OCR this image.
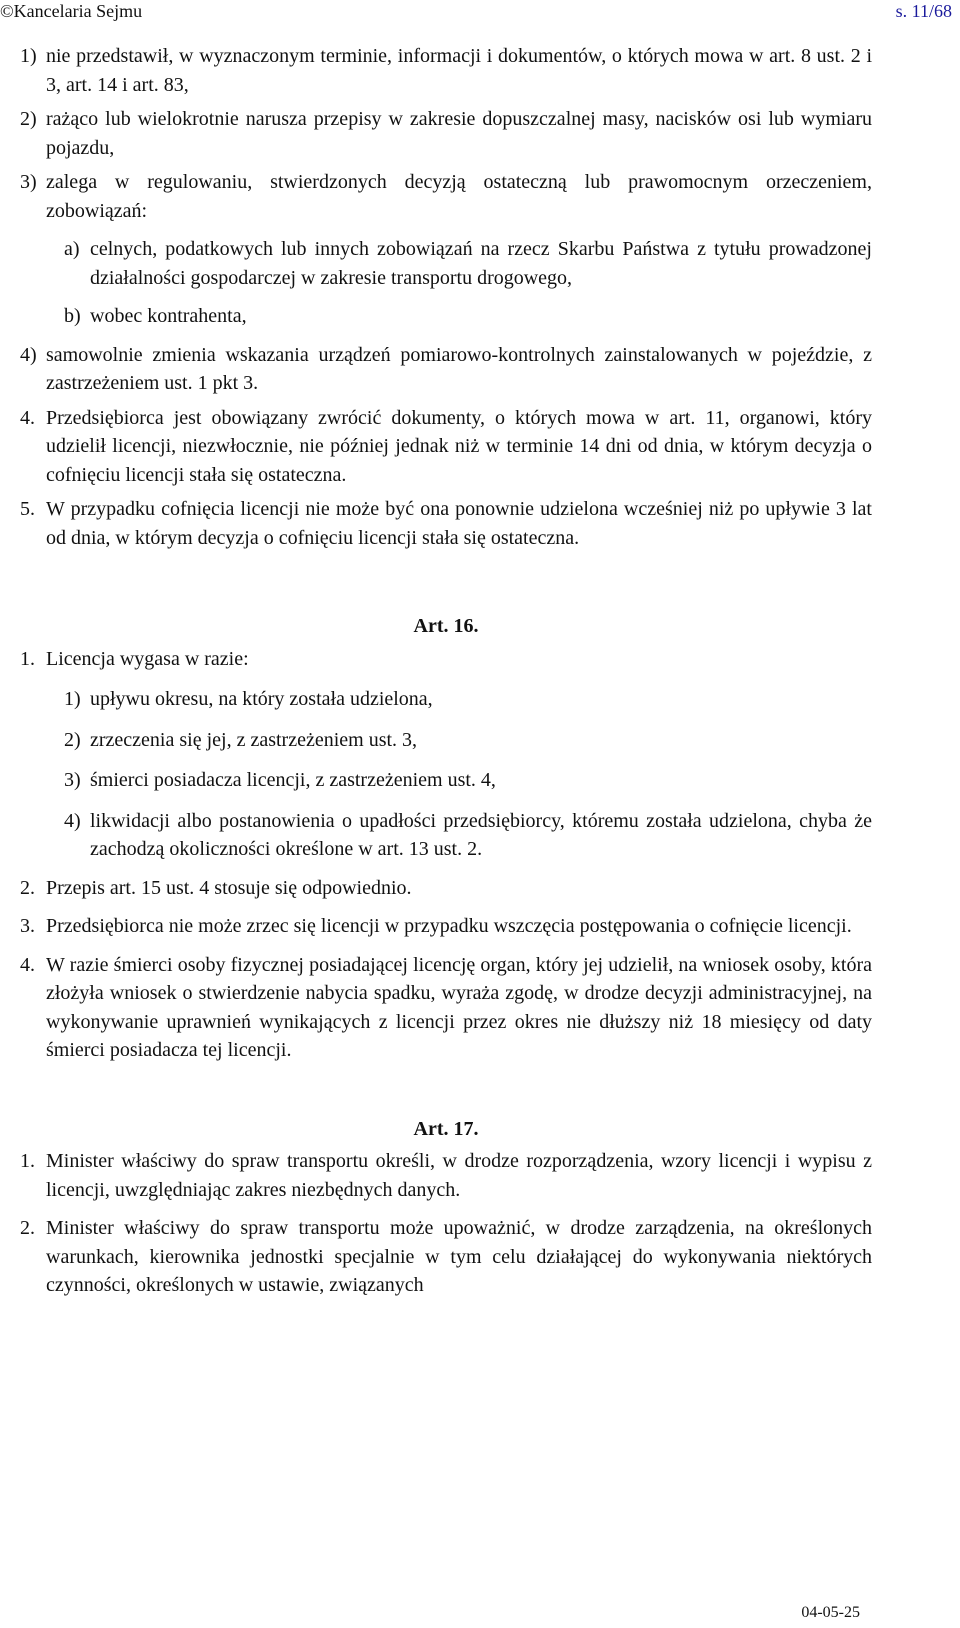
©Kancelaria Sejmu	s. 11/68
1) nie przedstawił, w wyznaczonym terminie, informacji i dokumentów, o których mowa w art. 8 ust. 2 i 3, art. 14 i art. 83,
2) rażąco lub wielokrotnie narusza przepisy w zakresie dopuszczalnej masy, nacisków osi lub wymiaru pojazdu,
3) zalega w regulowaniu, stwierdzonych decyzją ostateczną lub prawomocnym orzeczeniem, zobowiązań:
a) celnych, podatkowych lub innych zobowiązań na rzecz Skarbu Państwa z tytułu prowadzonej działalności gospodarczej w zakresie transportu drogowego,
b) wobec kontrahenta,
4) samowolnie zmienia wskazania urządzeń pomiarowo-kontrolnych zainstalowanych w pojeździe, z zastrzeżeniem ust. 1 pkt 3.
4. Przedsiębiorca jest obowiązany zwrócić dokumenty, o których mowa w art. 11, organowi, który udzielił licencji, niezwłocznie, nie później jednak niż w terminie 14 dni od dnia, w którym decyzja o cofnięciu licencji stała się ostateczna.
5. W przypadku cofnięcia licencji nie może być ona ponownie udzielona wcześniej niż po upływie 3 lat od dnia, w którym decyzja o cofnięciu licencji stała się ostateczna.
Art. 16.
1. Licencja wygasa w razie:
1) upływu okresu, na który została udzielona,
2) zrzeczenia się jej, z zastrzeżeniem ust. 3,
3) śmierci posiadacza licencji, z zastrzeżeniem ust. 4,
4) likwidacji albo postanowienia o upadłości przedsiębiorcy, któremu została udzielona, chyba że zachodzą okoliczności określone w art. 13 ust. 2.
2. Przepis art. 15 ust. 4 stosuje się odpowiednio.
3. Przedsiębiorca nie może zrzec się licencji w przypadku wszczęcia postępowania o cofnięcie licencji.
4. W razie śmierci osoby fizycznej posiadającej licencję organ, który jej udzielił, na wniosek osoby, która złożyła wniosek o stwierdzenie nabycia spadku, wyraża zgodę, w drodze decyzji administracyjnej, na wykonywanie uprawnień wynikających z licencji przez okres nie dłuższy niż 18 miesięcy od daty śmierci posiadacza tej licencji.
Art. 17.
1. Minister właściwy do spraw transportu określi, w drodze rozporządzenia, wzory licencji i wypisu z licencji, uwzględniając zakres niezbędnych danych.
2. Minister właściwy do spraw transportu może upoważnić, w drodze zarządzenia, na określonych warunkach, kierownika jednostki specjalnie w tym celu działającej do wykonywania niektórych czynności, określonych w ustawie, związanych
04-05-25
